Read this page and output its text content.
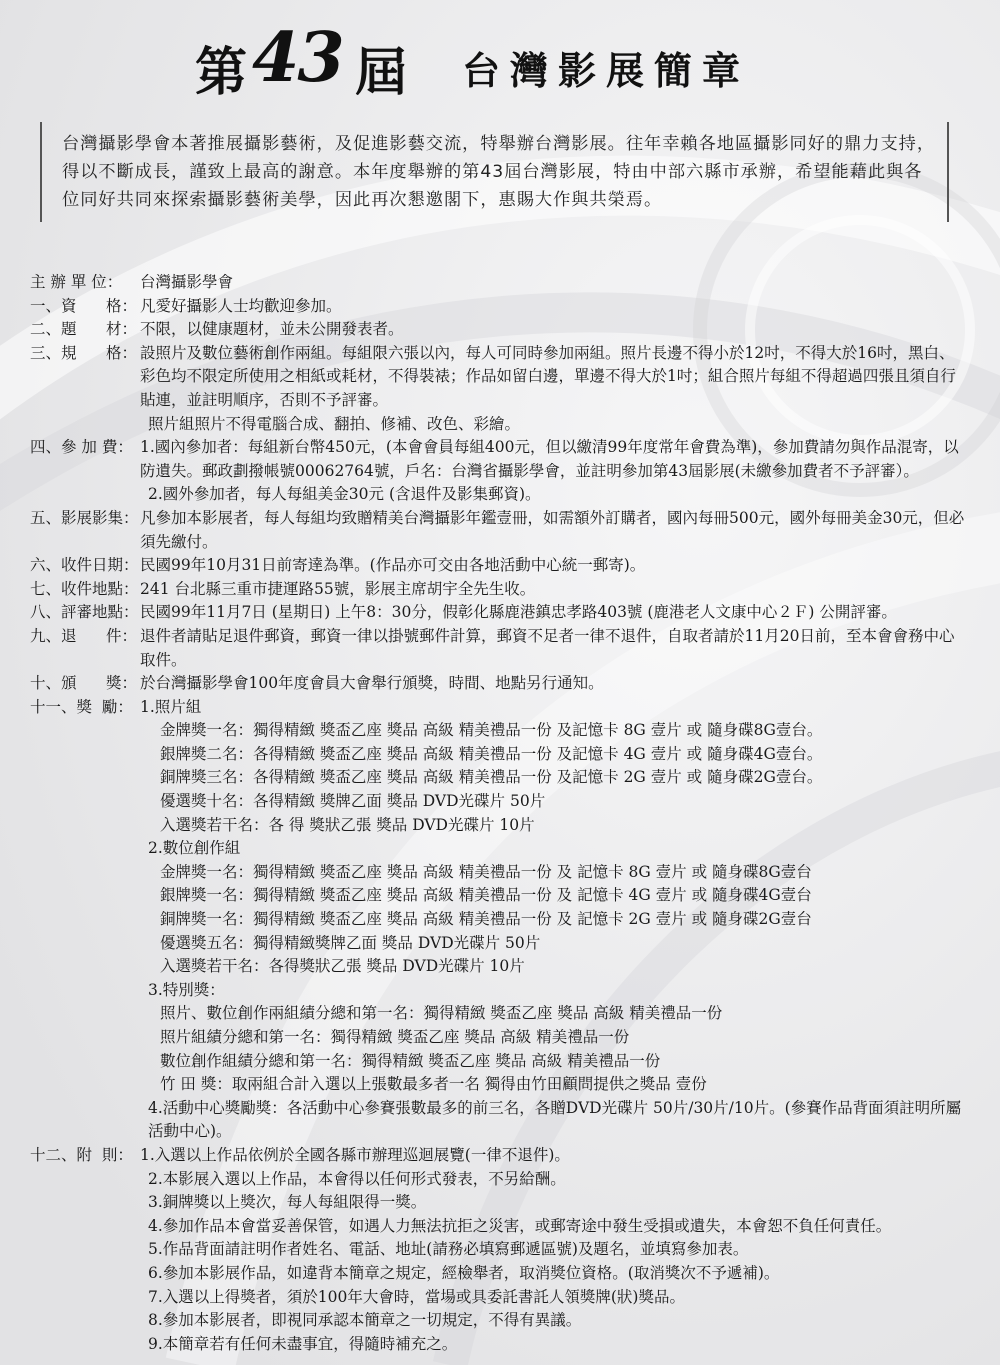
第 43 屆 台灣影展簡章

台灣攝影學會本著推展攝影藝術，及促進影藝交流，特舉辦台灣影展。往年幸賴各地區攝影同好的鼎力支持，得以不斷成長，謹致上最高的謝意。本年度舉辦的第43屆台灣影展，特由中部六縣市承辦，希望能藉此與各位同好共同來探索攝影藝術美學，因此再次懇邀閣下，惠賜大作與共榮焉。

主 辦 單 位：	台灣攝影學會
一、資      格： 凡愛好攝影人士均歡迎參加。
二、題      材： 不限，以健康題材，並未公開發表者。
三、規      格： 設照片及數位藝術創作兩組。每組限六張以內，每人可同時參加兩組。照片長邊不得小於12吋，不得大於16吋，黑白、彩色均不限定所使用之相紙或耗材，不得裝裱；作品如留白邊，單邊不得大於1吋；組合照片每組不得超過四張且須自行貼連，並註明順序，否則不予評審。
照片組照片不得電腦合成、翻拍、修補、改色、彩繪。
四、參 加 費： 1.國內參加者：每組新台幣450元，(本會會員每組400元，但以繳清99年度常年會費為準)，參加費請勿與作品混寄，以防遺失。郵政劃撥帳號00062764號，戶名：台灣省攝影學會，並註明參加第43屆影展(未繳參加費者不予評審）。
2.國外參加者，每人每組美金30元 (含退件及影集郵資)。
五、影展影集： 凡參加本影展者，每人每組均致贈精美台灣攝影年鑑壹冊，如需額外訂購者，國內每冊500元，國外每冊美金30元，但必須先繳付。
六、收件日期： 民國99年10月31日前寄達為準。(作品亦可交由各地活動中心統一郵寄)。
七、收件地點： 241 台北縣三重市捷運路55號，影展主席胡宇全先生收。
八、評審地點： 民國99年11月7日 (星期日) 上午8：30分，假彰化縣鹿港鎮忠孝路403號 (鹿港老人文康中心２Ｆ) 公開評審。
九、退      件： 退件者請貼足退件郵資，郵資一律以掛號郵件計算，郵資不足者一律不退件，自取者請於11月20日前，至本會會務中心取件。
十、頒      獎： 於台灣攝影學會100年度會員大會舉行頒獎，時間、地點另行通知。
十一、獎  勵： 1.照片組
金牌獎一名：獨得精緻 獎盃乙座 獎品 高級 精美禮品一份 及記憶卡 8G 壹片 或 隨身碟8G壹台。
銀牌獎二名：各得精緻 獎盃乙座 獎品 高級 精美禮品一份 及記憶卡 4G 壹片 或 隨身碟4G壹台。
銅牌獎三名：各得精緻 獎盃乙座 獎品 高級 精美禮品一份 及記憶卡 2G 壹片 或 隨身碟2G壹台。
優選獎十名：各得精緻 獎牌乙面 獎品 DVD光碟片 50片
入選獎若干名：各 得 獎狀乙張 獎品 DVD光碟片 10片
2.數位創作組
金牌獎一名：獨得精緻 獎盃乙座 獎品 高級 精美禮品一份 及 記憶卡 8G 壹片 或 隨身碟8G壹台
銀牌獎一名：獨得精緻 獎盃乙座 獎品 高級 精美禮品一份 及 記憶卡 4G 壹片 或 隨身碟4G壹台
銅牌獎一名：獨得精緻 獎盃乙座 獎品 高級 精美禮品一份 及 記憶卡 2G 壹片 或 隨身碟2G壹台
優選獎五名：獨得精緻獎牌乙面 獎品 DVD光碟片 50片
入選獎若干名：各得獎狀乙張 獎品 DVD光碟片 10片
3.特別獎：
照片、數位創作兩組績分總和第一名：獨得精緻 獎盃乙座 獎品 高級 精美禮品一份
照片組績分總和第一名：獨得精緻 獎盃乙座 獎品 高級 精美禮品一份
數位創作組績分總和第一名：獨得精緻 獎盃乙座 獎品 高級 精美禮品一份
竹 田 獎：取兩組合計入選以上張數最多者一名 獨得由竹田顧問提供之獎品 壹份
4.活動中心獎勵獎：各活動中心參賽張數最多的前三名，各贈DVD光碟片 50片/30片/10片。(參賽作品背面須註明所屬活動中心)。
十二、附  則： 1.入選以上作品依例於全國各縣市辦理巡迴展覽(一律不退件)。
2.本影展入選以上作品，本會得以任何形式發表，不另給酬。
3.銅牌獎以上獎次，每人每組限得一獎。
4.參加作品本會當妥善保管，如遇人力無法抗拒之災害，或郵寄途中發生受損或遺失，本會恕不負任何責任。
5.作品背面請註明作者姓名、電話、地址(請務必填寫郵遞區號)及題名，並填寫參加表。
6.參加本影展作品，如違背本簡章之規定，經檢舉者，取消獎位資格。(取消獎次不予遞補)。
7.入選以上得獎者，須於100年大會時，當場或具委託書託人領獎牌(狀)獎品。
8.參加本影展者，即視同承認本簡章之一切規定，不得有異議。
9.本簡章若有任何未盡事宜，得隨時補充之。
